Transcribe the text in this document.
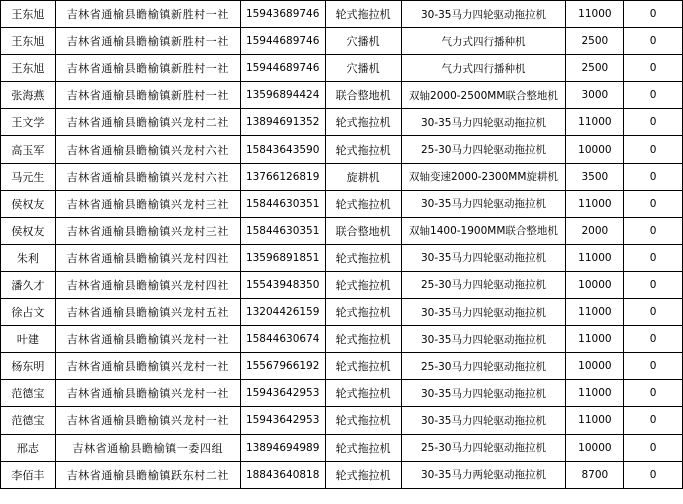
王东旭	吉林省通榆县瞻榆镇新胜村一社	15943689746	轮式拖拉机	30-35马力四轮驱动拖拉机	11000	0
王东旭	吉林省通榆县瞻榆镇新胜村一社	15944689746	穴播机	气力式四行播种机	2500	0
王东旭	吉林省通榆县瞻榆镇新胜村一社	15944689746	穴播机	气力式四行播种机	2500	0
张海燕	吉林省通榆县瞻榆镇新胜村一社	13596894424	联合整地机	双轴2000-2500MM联合整地机	3000	0
王文学	吉林省通榆县瞻榆镇兴龙村二社	13894691352	轮式拖拉机	30-35马力四轮驱动拖拉机	11000	0
高玉军	吉林省通榆县瞻榆镇兴龙村六社	15843643590	轮式拖拉机	25-30马力四轮驱动拖拉机	10000	0
马元生	吉林省通榆县瞻榆镇兴龙村六社	13766126819	旋耕机	双轴变速2000-2300MM旋耕机	3500	0
侯权友	吉林省通榆县瞻榆镇兴龙村三社	15844630351	轮式拖拉机	30-35马力四轮驱动拖拉机	11000	0
侯权友	吉林省通榆县瞻榆镇兴龙村三社	15844630351	联合整地机	双轴1400-1900MM联合整地机	2000	0
朱利	吉林省通榆县瞻榆镇兴龙村四社	13596891851	轮式拖拉机	30-35马力四轮驱动拖拉机	11000	0
潘久才	吉林省通榆县瞻榆镇兴龙村四社	15543948350	轮式拖拉机	25-30马力四轮驱动拖拉机	10000	0
徐占文	吉林省通榆县瞻榆镇兴龙村五社	13204426159	轮式拖拉机	30-35马力四轮驱动拖拉机	11000	0
叶建	吉林省通榆县瞻榆镇兴龙村一社	15844630674	轮式拖拉机	30-35马力四轮驱动拖拉机	11000	0
杨东明	吉林省通榆县瞻榆镇兴龙村一社	15567966192	轮式拖拉机	25-30马力四轮驱动拖拉机	10000	0
范德宝	吉林省通榆县瞻榆镇兴龙村一社	15943642953	轮式拖拉机	30-35马力四轮驱动拖拉机	11000	0
范德宝	吉林省通榆县瞻榆镇兴龙村一社	15943642953	轮式拖拉机	30-35马力四轮驱动拖拉机	11000	0
邢志	吉林省通榆县瞻榆镇一委四组	13894694989	轮式拖拉机	25-30马力四轮驱动拖拉机	10000	0
李佰丰	吉林省通榆县瞻榆镇跃东村二社	18843640818	轮式拖拉机	30-35马力两轮驱动拖拉机	8700	0
